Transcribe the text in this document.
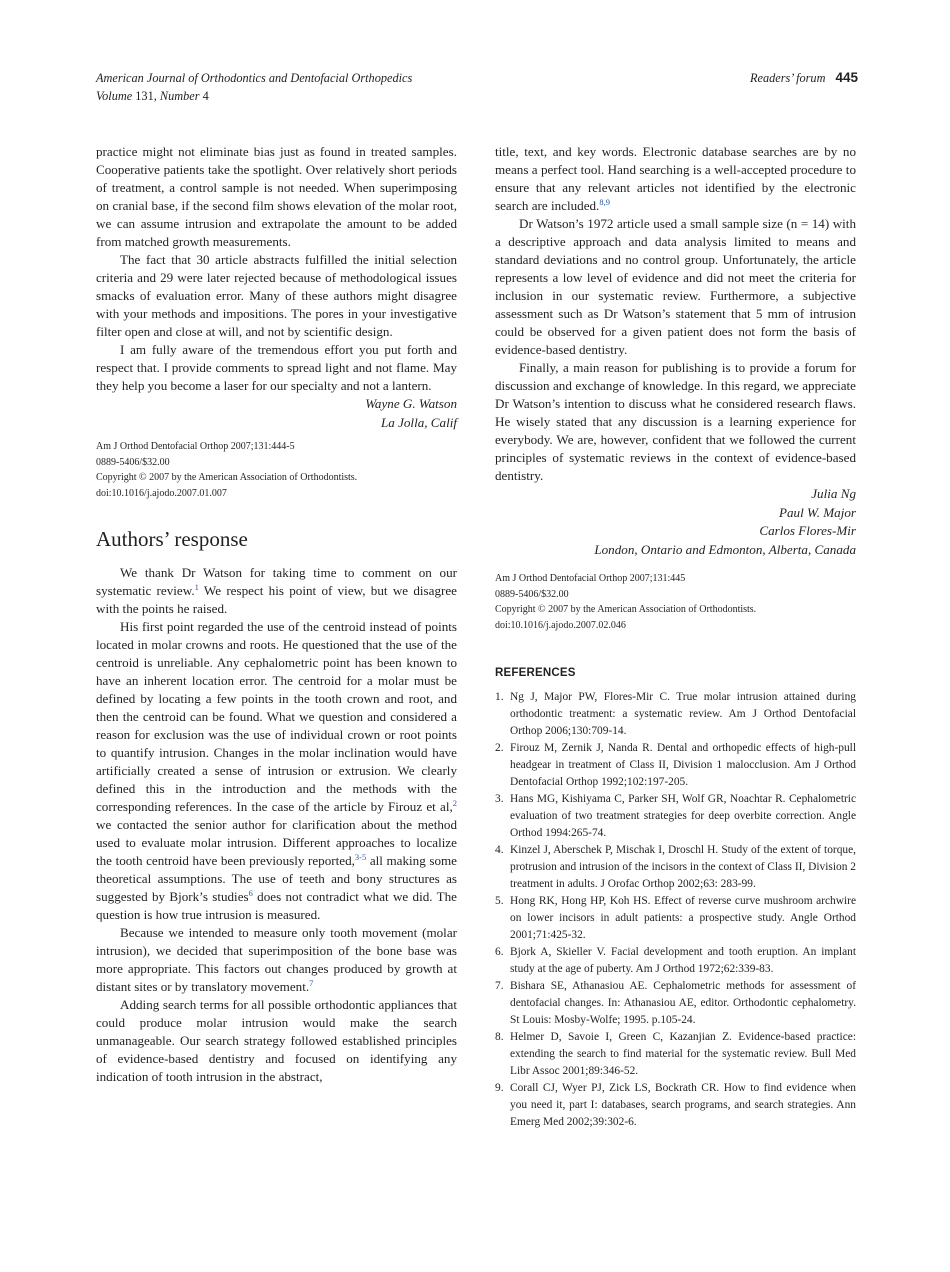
American Journal of Orthodontics and Dentofacial Orthopedics
Volume 131, Number 4
Readers’ forum 445

practice might not eliminate bias just as found in treated samples. Cooperative patients take the spotlight. Over relatively short periods of treatment, a control sample is not needed. When superimposing on cranial base, if the second film shows elevation of the molar root, we can assume intrusion and extrapolate the amount to be added from matched growth measurements.

The fact that 30 article abstracts fulfilled the initial selection criteria and 29 were later rejected because of methodological issues smacks of evaluation error. Many of these authors might disagree with your methods and impositions. The pores in your investigative filter open and close at will, and not by scientific design.

I am fully aware of the tremendous effort you put forth and respect that. I provide comments to spread light and not flame. May they help you become a laser for our specialty and not a lantern.

Wayne G. Watson
La Jolla, Calif
Am J Orthod Dentofacial Orthop 2007;131:444-5
0889-5406/$32.00
Copyright © 2007 by the American Association of Orthodontists.
doi:10.1016/j.ajodo.2007.01.007
Authors’ response

We thank Dr Watson for taking time to comment on our systematic review.$^1$ We respect his point of view, but we disagree with the points he raised.

His first point regarded the use of the centroid instead of points located in molar crowns and roots. He questioned that the use of the centroid is unreliable. Any cephalometric point has been known to have an inherent location error. The centroid for a molar must be defined by locating a few points in the tooth crown and root, and then the centroid can be found. What we question and considered a reason for exclusion was the use of individual crown or root points to quantify intrusion. Changes in the molar inclination would have artificially created a sense of intrusion or extrusion. We clearly defined this in the introduction and the methods with the corresponding references. In the case of the article by Firouz et al,$^2$ we contacted the senior author for clarification about the method used to evaluate molar intrusion. Different approaches to localize the tooth centroid have been previously reported,$^{3-5}$ all making some theoretical assumptions. The use of teeth and bony structures as suggested by Bjork’s studies$^6$ does not contradict what we did. The question is how true intrusion is measured.

Because we intended to measure only tooth movement (molar intrusion), we decided that superimposition of the bone base was more appropriate. This factors out changes produced by growth at distant sites or by translatory movement.$^7$

Adding search terms for all possible orthodontic appliances that could produce molar intrusion would make the search unmanageable. Our search strategy followed established principles of evidence-based dentistry and focused on identifying any indication of tooth intrusion in the abstract,

title, text, and key words. Electronic database searches are by no means a perfect tool. Hand searching is a well-accepted procedure to ensure that any relevant articles not identified by the electronic search are included.$^{8,9}$

Dr Watson’s 1972 article used a small sample size (n = 14) with a descriptive approach and data analysis limited to means and standard deviations and no control group. Unfortunately, the article represents a low level of evidence and did not meet the criteria for inclusion in our systematic review. Furthermore, a subjective assessment such as Dr Watson’s statement that 5 mm of intrusion could be observed for a given patient does not form the basis of evidence-based dentistry.

Finally, a main reason for publishing is to provide a forum for discussion and exchange of knowledge. In this regard, we appreciate Dr Watson’s intention to discuss what he considered research flaws. He wisely stated that any discussion is a learning experience for everybody. We are, however, confident that we followed the current principles of systematic reviews in the context of evidence-based dentistry.

Julia Ng
Paul W. Major
Carlos Flores-Mir
London, Ontario and Edmonton, Alberta, Canada
Am J Orthod Dentofacial Orthop 2007;131:445
0889-5406/$32.00
Copyright © 2007 by the American Association of Orthodontists.
doi:10.1016/j.ajodo.2007.02.046
REFERENCES
1. Ng J, Major PW, Flores-Mir C. True molar intrusion attained during orthodontic treatment: a systematic review. Am J Orthod Dentofacial Orthop 2006;130:709-14.
2. Firouz M, Zernik J, Nanda R. Dental and orthopedic effects of high-pull headgear in treatment of Class II, Division 1 malocclusion. Am J Orthod Dentofacial Orthop 1992;102:197-205.
3. Hans MG, Kishiyama C, Parker SH, Wolf GR, Noachtar R. Cephalometric evaluation of two treatment strategies for deep overbite correction. Angle Orthod 1994:265-74.
4. Kinzel J, Aberschek P, Mischak I, Droschl H. Study of the extent of torque, protrusion and intrusion of the incisors in the context of Class II, Division 2 treatment in adults. J Orofac Orthop 2002;63: 283-99.
5. Hong RK, Hong HP, Koh HS. Effect of reverse curve mushroom archwire on lower incisors in adult patients: a prospective study. Angle Orthod 2001;71:425-32.
6. Bjork A, Skieller V. Facial development and tooth eruption. An implant study at the age of puberty. Am J Orthod 1972;62:339-83.
7. Bishara SE, Athanasiou AE. Cephalometric methods for assessment of dentofacial changes. In: Athanasiou AE, editor. Orthodontic cephalometry. St Louis: Mosby-Wolfe; 1995. p.105-24.
8. Helmer D, Savoie I, Green C, Kazanjian Z. Evidence-based practice: extending the search to find material for the systematic review. Bull Med Libr Assoc 2001;89:346-52.
9. Corall CJ, Wyer PJ, Zick LS, Bockrath CR. How to find evidence when you need it, part I: databases, search programs, and search strategies. Ann Emerg Med 2002;39:302-6.
